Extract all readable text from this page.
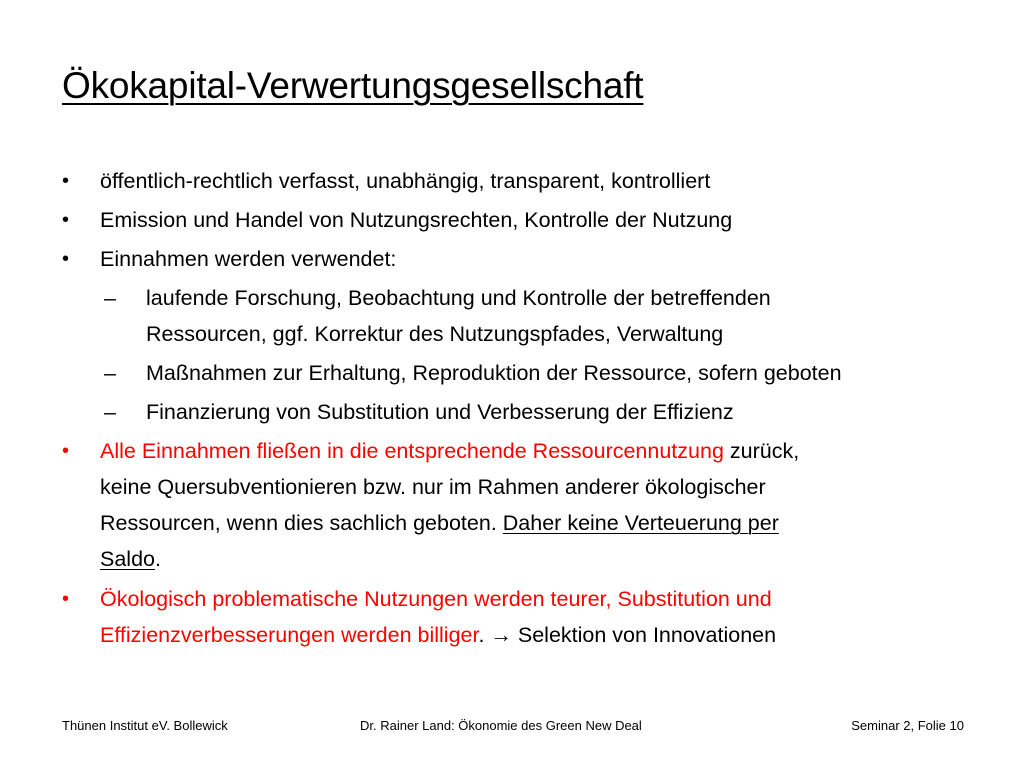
Ökokapital-Verwertungsgesellschaft
•	öffentlich-rechtlich verfasst, unabhängig, transparent, kontrolliert
•	Emission und Handel von Nutzungsrechten, Kontrolle der Nutzung
•	Einnahmen werden verwendet:
–	laufende Forschung, Beobachtung und Kontrolle der betreffenden
Ressourcen, ggf. Korrektur des Nutzungspfades, Verwaltung
–	Maßnahmen zur Erhaltung, Reproduktion der Ressource, sofern geboten
–	Finanzierung von Substitution und Verbesserung der Effizienz
•	Alle Einnahmen fließen in die entsprechende Ressourcennutzung zurück,
keine Quersubventionieren bzw. nur im Rahmen anderer ökologischer
Ressourcen, wenn dies sachlich geboten. Daher keine Verteuerung per
Saldo.
•	Ökologisch problematische Nutzungen werden teurer, Substitution und
Effizienzverbesserungen werden billiger. → Selektion von Innovationen
Thünen Institut eV. Bollewick	Dr. Rainer Land: Ökonomie des Green New Deal	Seminar 2, Folie 10
